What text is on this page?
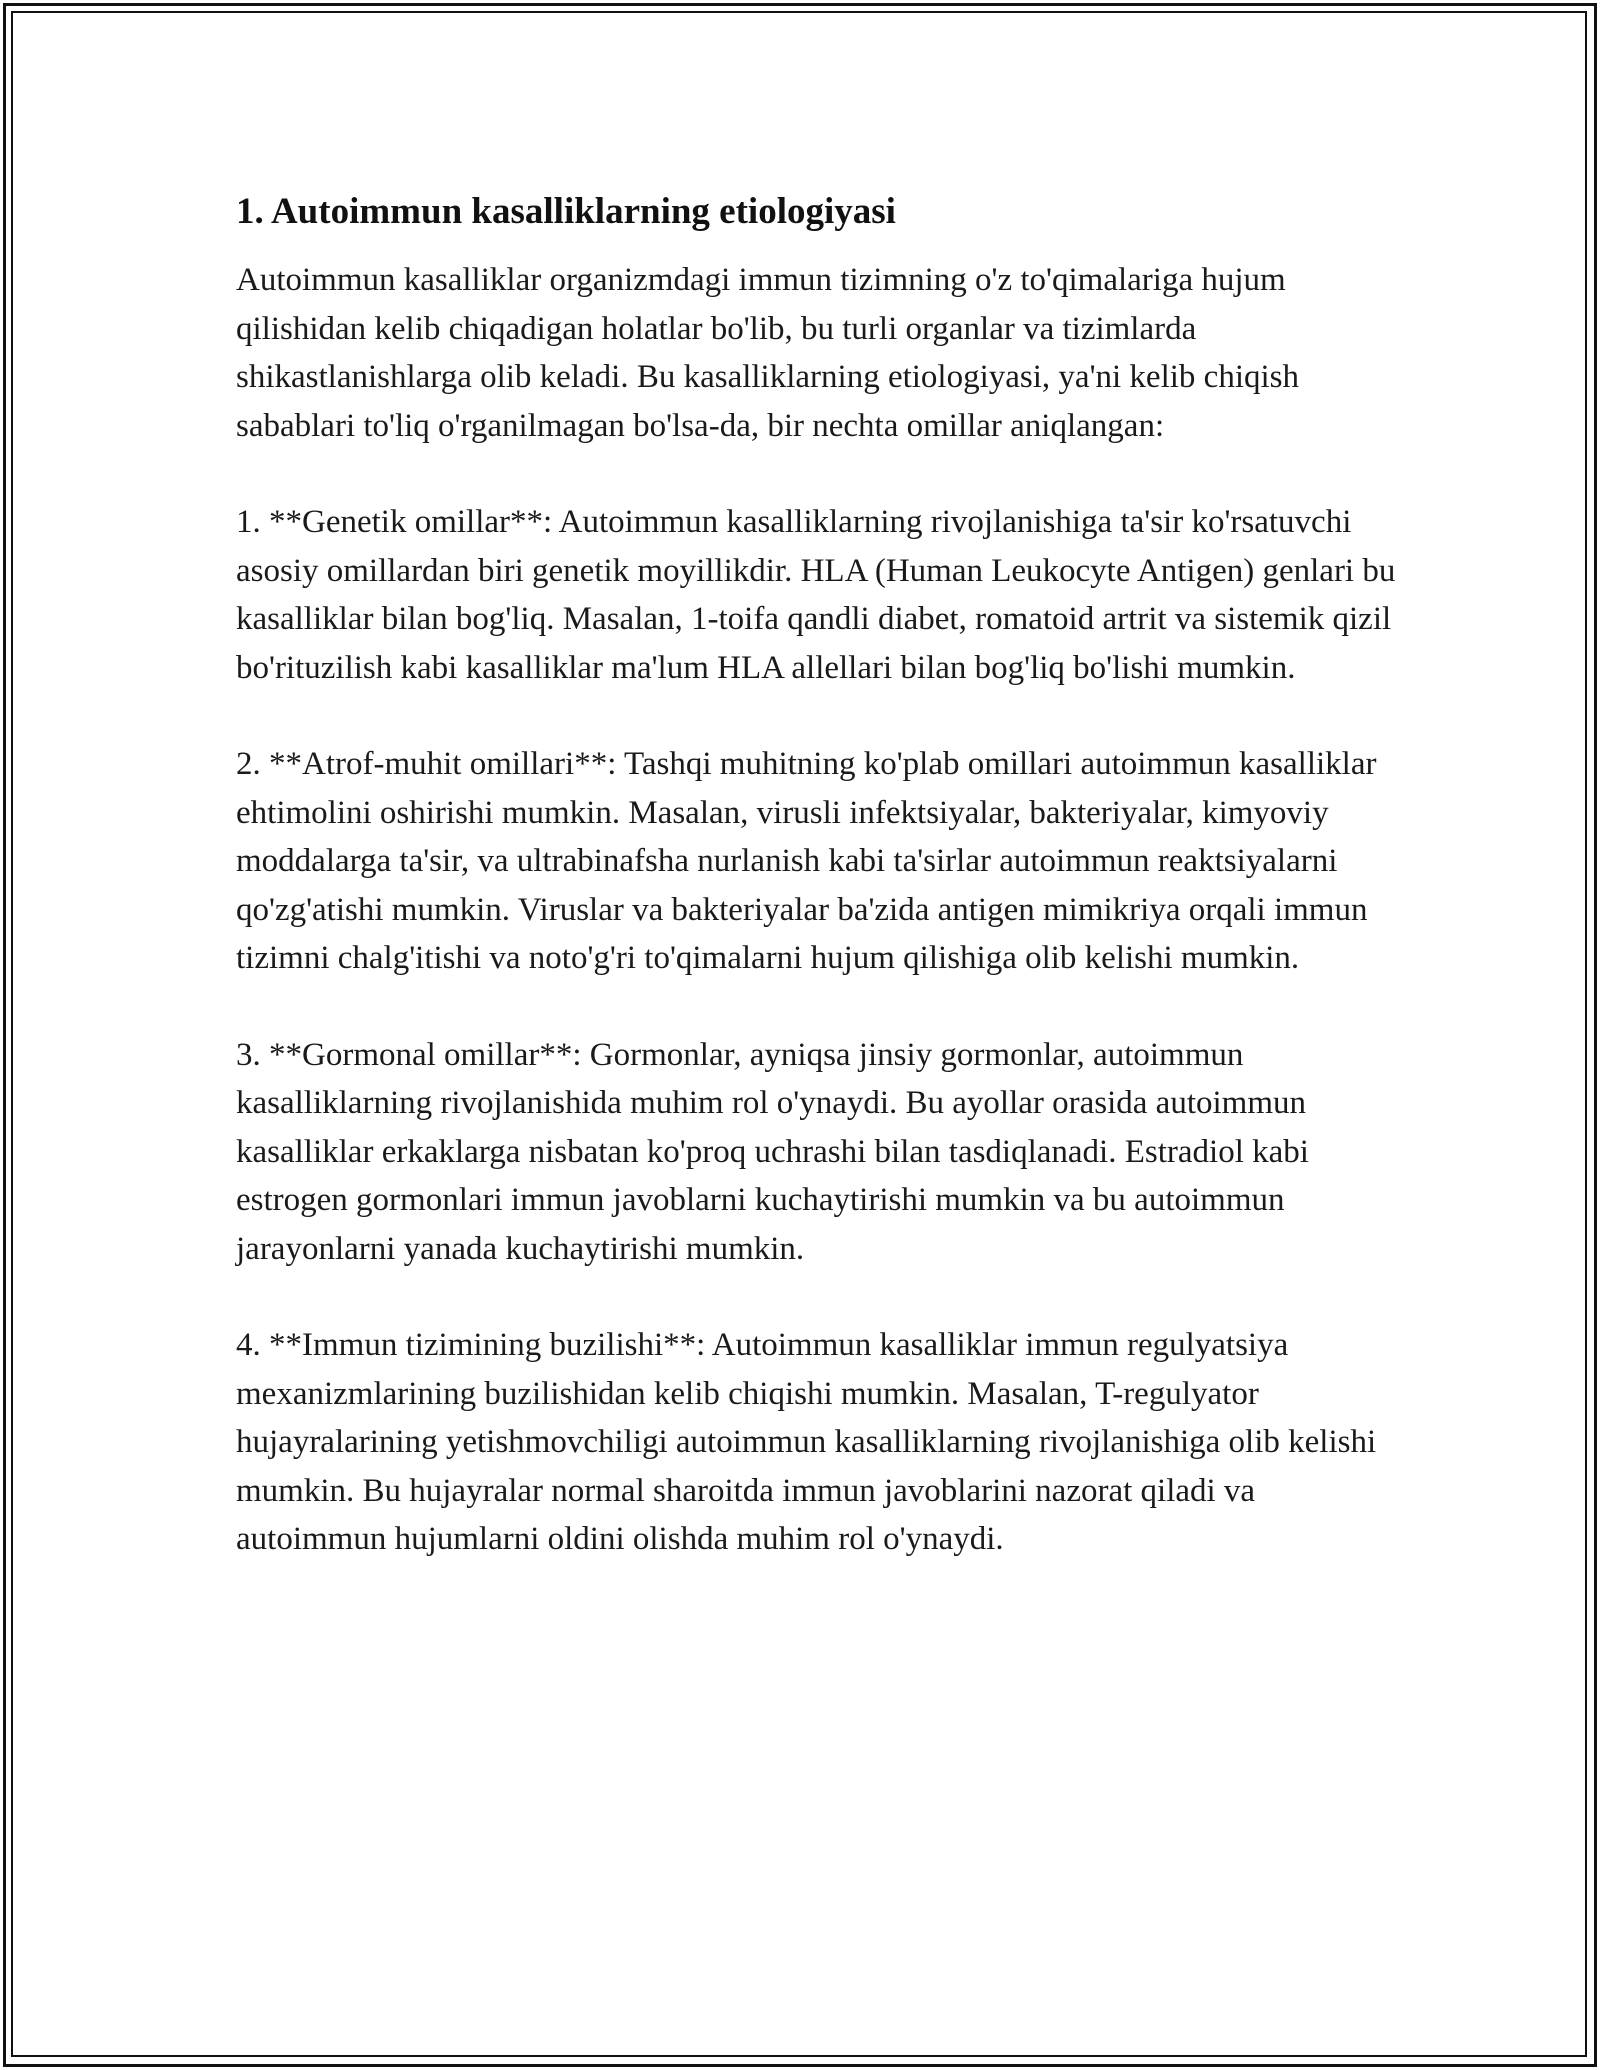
1. Autoimmun kasalliklarning etiologiyasi

Autoimmun kasalliklar organizmdagi immun tizimning o'z to'qimalariga hujum qilishidan kelib chiqadigan holatlar bo'lib, bu turli organlar va tizimlarda shikastlanishlarga olib keladi. Bu kasalliklarning etiologiyasi, ya'ni kelib chiqish sabablari to'liq o'rganilmagan bo'lsa-da, bir nechta omillar aniqlangan:

1. **Genetik omillar**: Autoimmun kasalliklarning rivojlanishiga ta'sir ko'rsatuvchi asosiy omillardan biri genetik moyillikdir. HLA (Human Leukocyte Antigen) genlari bu kasalliklar bilan bog'liq. Masalan, 1-toifa qandli diabet, romatoid artrit va sistemik qizil bo'rituzilish kabi kasalliklar ma'lum HLA allellari bilan bog'liq bo'lishi mumkin.

2. **Atrof-muhit omillari**: Tashqi muhitning ko'plab omillari autoimmun kasalliklar ehtimolini oshirishi mumkin. Masalan, virusli infektsiyalar, bakteriyalar, kimyoviy moddalarga ta'sir, va ultrabinafsha nurlanish kabi ta'sirlar autoimmun reaktsiyalarni qo'zg'atishi mumkin. Viruslar va bakteriyalar ba'zida antigen mimikriya orqali immun tizimni chalg'itishi va noto'g'ri to'qimalarni hujum qilishiga olib kelishi mumkin.

3. **Gormonal omillar**: Gormonlar, ayniqsa jinsiy gormonlar, autoimmun kasalliklarning rivojlanishida muhim rol o'ynaydi. Bu ayollar orasida autoimmun kasalliklar erkaklarga nisbatan ko'proq uchrashi bilan tasdiqlanadi. Estradiol kabi estrogen gormonlari immun javoblarni kuchaytirishi mumkin va bu autoimmun jarayonlarni yanada kuchaytirishi mumkin.

4. **Immun tizimining buzilishi**: Autoimmun kasalliklar immun regulyatsiya mexanizmlarining buzilishidan kelib chiqishi mumkin. Masalan, T-regulyator hujayralarining yetishmovchiligi autoimmun kasalliklarning rivojlanishiga olib kelishi mumkin. Bu hujayralar normal sharoitda immun javoblarini nazorat qiladi va autoimmun hujumlarni oldini olishda muhim rol o'ynaydi.
